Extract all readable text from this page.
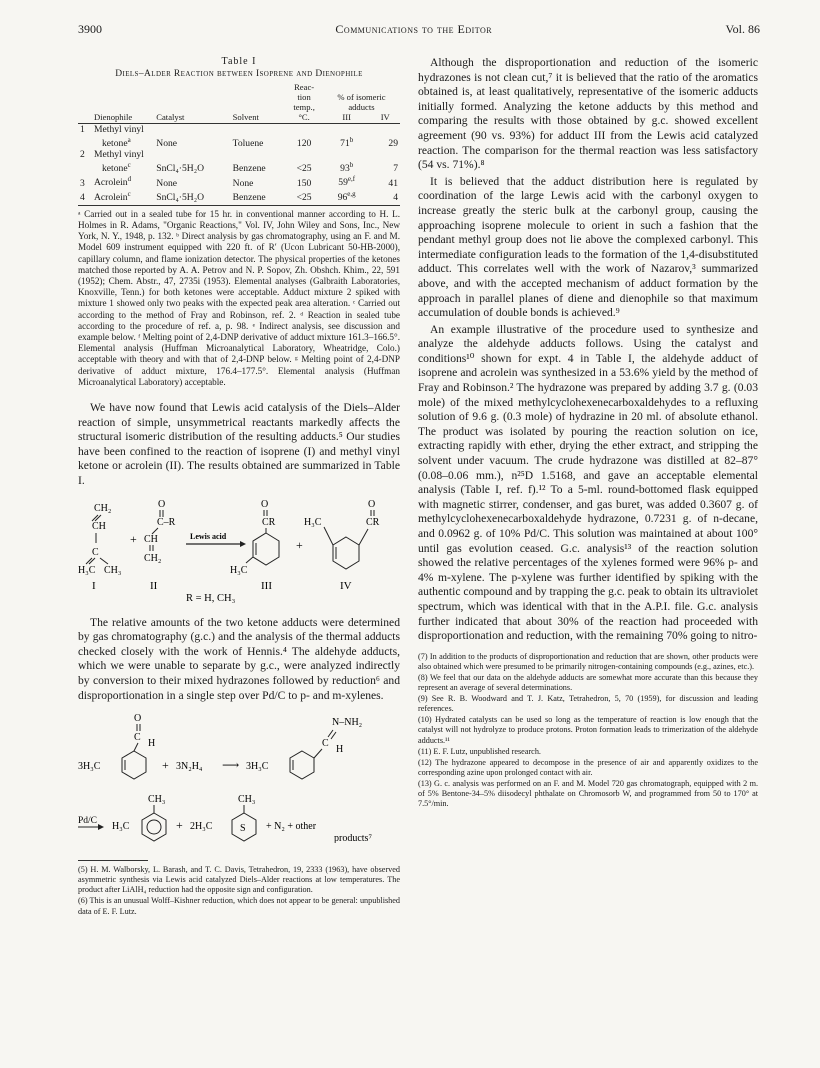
3900	Communications to the Editor	Vol. 86
Table I
Diels–Alder Reaction between Isoprene and Dienophile
				Reac-		
				tion	% of isomeric	
				temp.,	adducts	
	Dienophile	Catalyst	Solvent	°C.	III	IV
1	Methyl vinyl					
	ketone$^a$	None	Toluene	120	71$^b$	29
2	Methyl vinyl					
	ketone$^c$	SnCl₄·5H₂O	Benzene	<25	93$^b$	7
3	Acrolein$^d$	None	None	150	59$^{e,f}$	41
4	Acrolein$^c$	SnCl₄·5H₂O	Benzene	<25	96$^{e,g}$	4

ᵃ Carried out in a sealed tube for 15 hr. in conventional manner according to H. L. Holmes in R. Adams, "Organic Reactions," Vol. IV, John Wiley and Sons, Inc., New York, N. Y., 1948, p. 132. ᵇ Direct analysis by gas chromatography, using an F. and M. Model 609 instrument equipped with 220 ft. of R′ (Ucon Lubricant 50-HB-2000), capillary column, and flame ionization detector. The physical properties of the ketones matched those reported by A. A. Petrov and N. P. Sopov, Zh. Obshch. Khim., 22, 591 (1952); Chem. Abstr., 47, 2735i (1953). Elemental analyses (Galbraith Laboratories, Knoxville, Tenn.) for both ketones were acceptable. Adduct mixture 2 spiked with mixture 1 showed only two peaks with the expected peak area alteration. ᶜ Carried out according to the method of Fray and Robinson, ref. 2. ᵈ Reaction in sealed tube according to the procedure of ref. a, p. 98. ᵉ Indirect analysis, see discussion and example below. ᶠ Melting point of 2,4-DNP derivative of adduct mixture 161.3–166.5°. Elemental analysis (Huffman Microanalytical Laboratory, Wheatridge, Colo.) acceptable with theory and with that of 2,4-DNP below. ᵍ Melting point of 2,4-DNP derivative of adduct mixture, 176.4–177.5°. Elemental analysis (Huffman Microanalytical Laboratory) acceptable.

We have now found that Lewis acid catalysis of the Diels–Alder reaction of simple, unsymmetrical reactants markedly affects the structural isomeric distribution of the resulting adducts.⁵ Our studies have been confined to the reaction of isoprene (I) and methyl vinyl ketone or acrolein (II). The results obtained are summarized in Table I.

CH₂
CH
C
H₃C CH₃
I
+
O
C–R
CH
CH₂
II
Lewis acid
O
CR
H₃C
III
+
H₃C
O
CR
IV
R = H, CH₃

The relative amounts of the two ketone adducts were determined by gas chromatography (g.c.) and the analysis of the thermal adducts checked closely with the work of Hennis.⁴ The aldehyde adducts, which we were unable to separate by g.c., were analyzed indirectly by conversion to their mixed hydrazones followed by reduction⁶ and disproportionation in a single step over Pd/C to p- and m-xylenes.

O
C
H
3H₃C	+ 3N₂H₄ ⟶ 3H₃C
C
H
N–NH₂
Pd/C H₃C
CH₃
+ 2H₃C	S
CH₃
+ N₂ + other
products⁷

(5) H. M. Walborsky, L. Barash, and T. C. Davis, Tetrahedron, 19, 2333 (1963), have observed asymmetric synthesis via Lewis acid catalyzed Diels–Alder reactions at low temperatures. The product after LiAlH₄ reduction had the opposite sign and configuration.

(6) This is an unusual Wolff–Kishner reduction, which does not appear to be general: unpublished data of E. F. Lutz.

Although the disproportionation and reduction of the isomeric hydrazones is not clean cut,⁷ it is believed that the ratio of the aromatics obtained is, at least qualitatively, representative of the isomeric adducts initially formed. Analyzing the ketone adducts by this method and comparing the results with those obtained by g.c. showed excellent agreement (90 vs. 93%) for adduct III from the Lewis acid catalyzed reaction. The comparison for the thermal reaction was less satisfactory (54 vs. 71%).⁸

It is believed that the adduct distribution here is regulated by coordination of the large Lewis acid with the carbonyl oxygen to increase greatly the steric bulk at the carbonyl group, causing the approaching isoprene molecule to orient in such a fashion that the pendant methyl group does not lie above the complexed carbonyl. This intermediate configuration leads to the formation of the 1,4-disubstituted adduct. This correlates well with the work of Nazarov,³ summarized above, and with the accepted mechanism of adduct formation by the approach in parallel planes of diene and dienophile so that maximum accumulation of double bonds is achieved.⁹

An example illustrative of the procedure used to synthesize and analyze the aldehyde adducts follows. Using the catalyst and conditions¹⁰ shown for expt. 4 in Table I, the aldehyde adduct of isoprene and acrolein was synthesized in a 53.6% yield by the method of Fray and Robinson.² The hydrazone was prepared by adding 3.7 g. (0.03 mole) of the mixed methylcyclohexenecarboxaldehydes to a refluxing solution of 9.6 g. (0.3 mole) of hydrazine in 20 ml. of absolute ethanol. The product was isolated by pouring the reaction solution on ice, extracting rapidly with ether, drying the ether extract, and stripping the solvent under vacuum. The crude hydrazone was distilled at 82–87° (0.08–0.06 mm.), n²⁵D 1.5168, and gave an acceptable elemental analysis (Table I, ref. f).¹² To a 5-ml. round-bottomed flask equipped with magnetic stirrer, condenser, and gas buret, was added 0.3607 g. of methylcyclohexenecarboxaldehyde hydrazone, 0.7231 g. of n-decane, and 0.0962 g. of 10% Pd/C. This solution was maintained at about 100° until gas evolution ceased. G.c. analysis¹³ of the reaction solution showed the relative percentages of the xylenes formed were 96% p- and 4% m-xylene. The p-xylene was further identified by spiking with the authentic compound and by trapping the g.c. peak to obtain its ultraviolet spectrum, which was identical with that in the A.P.I. file. G.c. analysis further indicated that about 30% of the reaction had proceeded with disproportionation and reduction, with the remaining 70% going to nitro-

(7) In addition to the products of disproportionation and reduction that are shown, other products were also obtained which were presumed to be primarily nitrogen-containing compounds (e.g., azines, etc.).

(8) We feel that our data on the aldehyde adducts are somewhat more accurate than this because they represent an average of several determinations.

(9) See R. B. Woodward and T. J. Katz, Tetrahedron, 5, 70 (1959), for discussion and leading references.

(10) Hydrated catalysts can be used so long as the temperature of reaction is low enough that the catalyst will not hydrolyze to produce protons. Proton formation leads to trimerization of the aldehyde adducts.¹¹

(11) E. F. Lutz, unpublished research.

(12) The hydrazone appeared to decompose in the presence of air and apparently oxidizes to the corresponding azine upon prolonged contact with air.

(13) G. c. analysis was performed on an F. and M. Model 720 gas chromatograph, equipped with 2 m. of 5% Bentone-34–5% diisodecyl phthalate on Chromosorb W, and programmed from 50 to 170° at 7.5°/min.
